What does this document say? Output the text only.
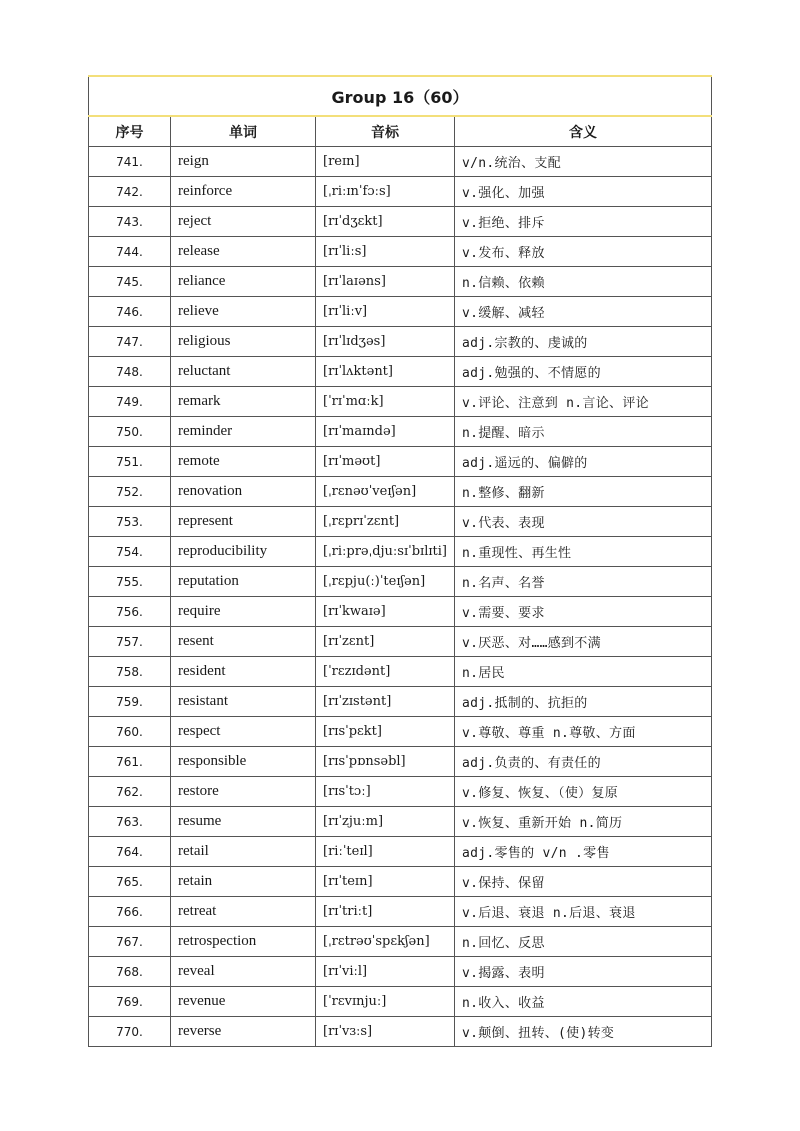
Group 16（60）			
序号	单词	音标	含义
741.	reign	[reɪn]	v/n.统治、支配
742.	reinforce	[ˌriːɪnˈfɔːs]	v.强化、加强
743.	reject	[rɪˈdʒɛkt]	v.拒绝、排斥
744.	release	[rɪˈliːs]	v.发布、释放
745.	reliance	[rɪˈlaɪəns]	n.信赖、依赖
746.	relieve	[rɪˈliːv]	v.缓解、减轻
747.	religious	[rɪˈlɪdʒəs]	adj.宗教的、虔诚的
748.	reluctant	[rɪˈlʌktənt]	adj.勉强的、不情愿的
749.	remark	[ˈrɪˈmɑːk]	v.评论、注意到 n.言论、评论
750.	reminder	[rɪˈmaɪndə]	n.提醒、暗示
751.	remote	[rɪˈməʊt]	adj.遥远的、偏僻的
752.	renovation	[ˌrɛnəʊˈveɪʃən]	n.整修、翻新
753.	represent	[ˌrɛprɪˈzɛnt]	v.代表、表现
754.	reproducibility	[ˌriːprəˌdjuːsɪˈbɪlɪti]	n.重现性、再生性
755.	reputation	[ˌrɛpju(ː)ˈteɪʃən]	n.名声、名誉
756.	require	[rɪˈkwaɪə]	v.需要、要求
757.	resent	[rɪˈzɛnt]	v.厌恶、对……感到不满
758.	resident	[ˈrɛzɪdənt]	n.居民
759.	resistant	[rɪˈzɪstənt]	adj.抵制的、抗拒的
760.	respect	[rɪsˈpɛkt]	v.尊敬、尊重 n.尊敬、方面
761.	responsible	[rɪsˈpɒnsəbl]	adj.负责的、有责任的
762.	restore	[rɪsˈtɔː]	v.修复、恢复、（使）复原
763.	resume	[rɪˈzjuːm]	v.恢复、重新开始 n.简历
764.	retail	[riːˈteɪl]	adj.零售的 v/n .零售
765.	retain	[rɪˈteɪn]	v.保持、保留
766.	retreat	[rɪˈtriːt]	v.后退、衰退 n.后退、衰退
767.	retrospection	[ˌrɛtrəʊˈspɛkʃən]	n.回忆、反思
768.	reveal	[rɪˈviːl]	v.揭露、表明
769.	revenue	[ˈrɛvɪnjuː]	n.收入、收益
770.	reverse	[rɪˈvɜːs]	v.颠倒、扭转、(使)转变
